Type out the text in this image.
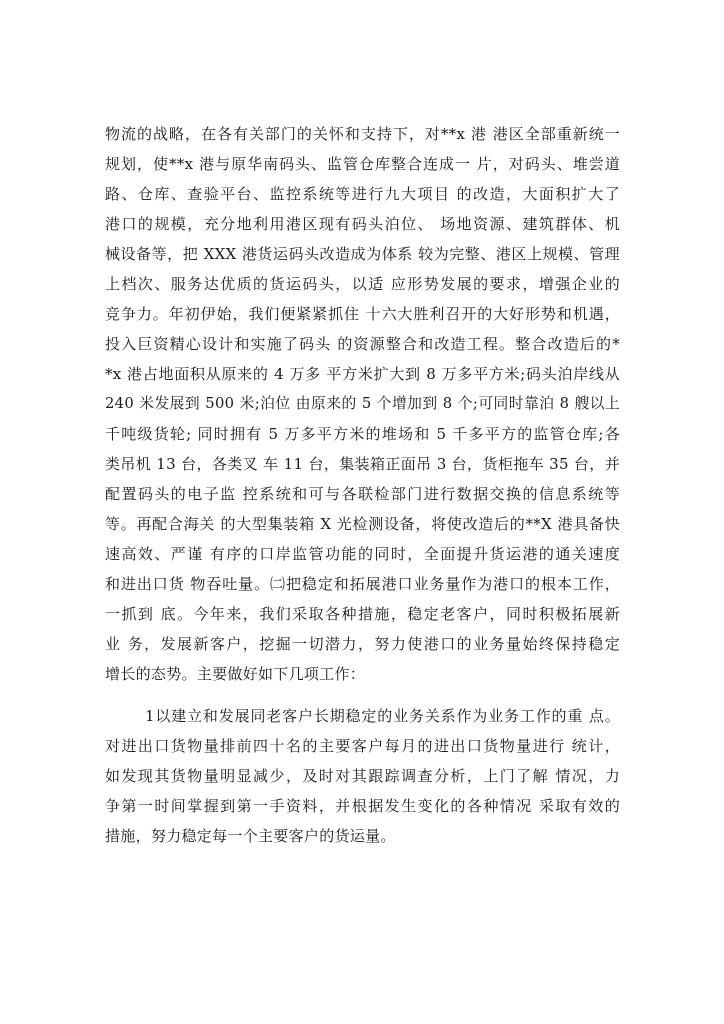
物流的战略，在各有关部门的关怀和支持下，对**x 港 港区全部重新统一
规划，使**x 港与原华南码头、监管仓库整合连成一 片，对码头、堆尝道
路、仓库、查验平台、监控系统等进行九大项目 的改造，大面积扩大了
港口的规模，充分地利用港区现有码头泊位、 场地资源、建筑群体、机
械设备等，把 XXX 港货运码头改造成为体系 较为完整、港区上规模、管理
上档次、服务达优质的货运码头，以适 应形势发展的要求，增强企业的
竞争力。年初伊始，我们便紧紧抓住 十六大胜利召开的大好形势和机遇，
投入巨资精心设计和实施了码头 的资源整合和改造工程。整合改造后的*
*x 港占地面积从原来的 4 万多 平方米扩大到 8 万多平方米;码头泊岸线从
240 米发展到 500 米;泊位 由原来的 5 个增加到 8 个;可同时靠泊 8 艘以上
千吨级货轮; 同时拥有 5 万多平方米的堆场和 5 千多平方的监管仓库;各
类吊机 13 台，各类叉 车 11 台，集装箱正面吊 3 台，货柜拖车 35 台，并
配置码头的电子监 控系统和可与各联检部门进行数据交换的信息系统等
等。再配合海关 的大型集装箱 X 光检测设备，将使改造后的**X 港具备快
速高效、严谨 有序的口岸监管功能的同时，全面提升货运港的通关速度
和进出口货 物吞吐量。㈡把稳定和拓展港口业务量作为港口的根本工作，
一抓到 底。今年来，我们采取各种措施，稳定老客户，同时积极拓展新
业 务，发展新客户，挖掘一切潜力，努力使港口的业务量始终保持稳定
增长的态势。主要做好如下几项工作：
1以建立和发展同老客户长期稳定的业务关系作为业务工作的重 点。
对进出口货物量排前四十名的主要客户每月的进出口货物量进行 统计，
如发现其货物量明显减少，及时对其跟踪调查分析，上门了解 情况，力
争第一时间掌握到第一手资料，并根据发生变化的各种情况 采取有效的
措施，努力稳定每一个主要客户的货运量。
